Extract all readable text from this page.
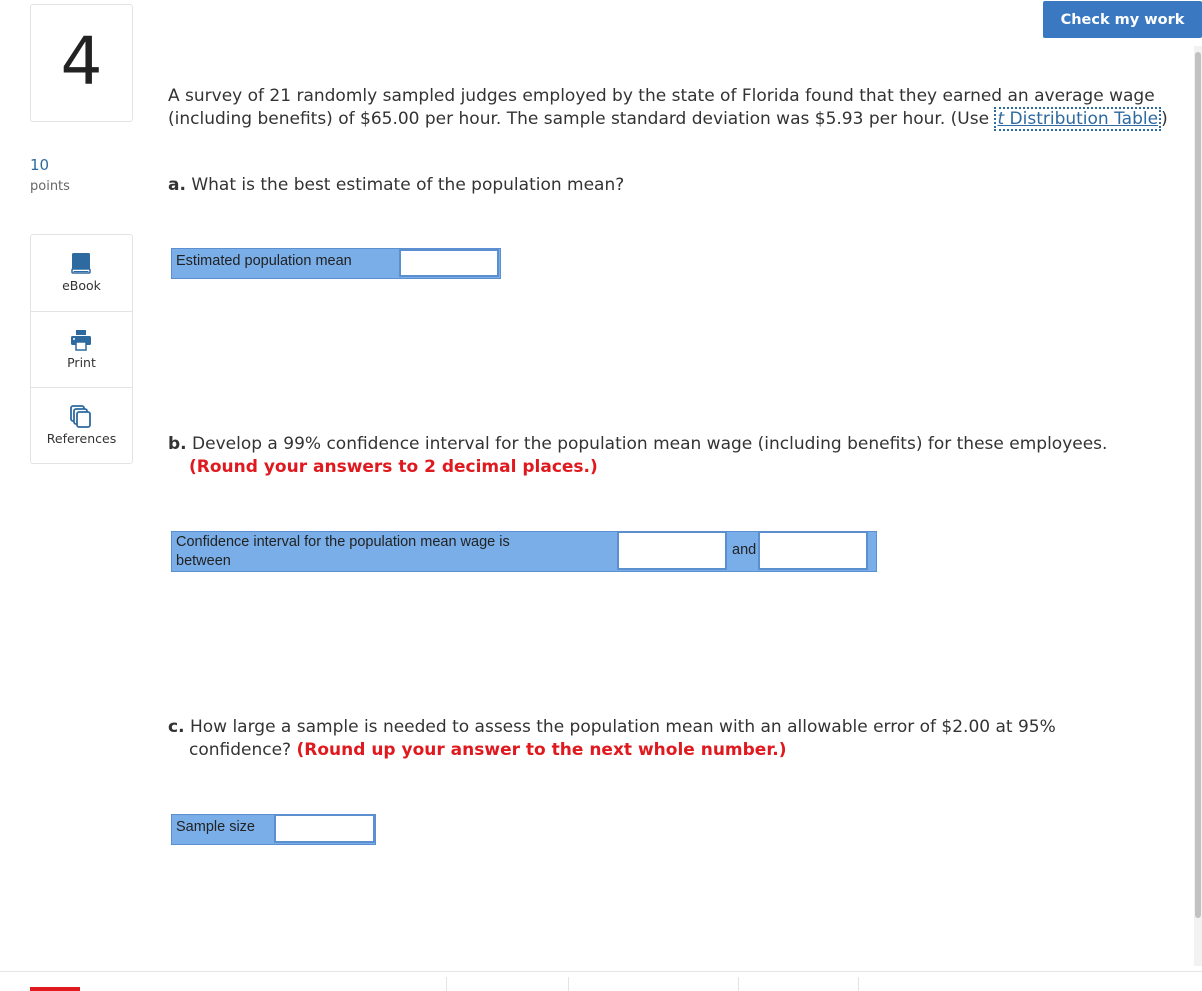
4
10
points
eBook
Print
References
Check my work
A survey of 21 randomly sampled judges employed by the state of Florida found that they earned an average wage (including benefits) of $65.00 per hour. The sample standard deviation was $5.93 per hour. (Use t Distribution Table )
a. What is the best estimate of the population mean?
Estimated population mean
b. Develop a 99% confidence interval for the population mean wage (including benefits) for these employees.
(Round your answers to 2 decimal places.)
Confidence interval for the population mean wage is
between
and
c. How large a sample is needed to assess the population mean with an allowable error of $2.00 at 95%
confidence? (Round up your answer to the next whole number.)
Sample size
